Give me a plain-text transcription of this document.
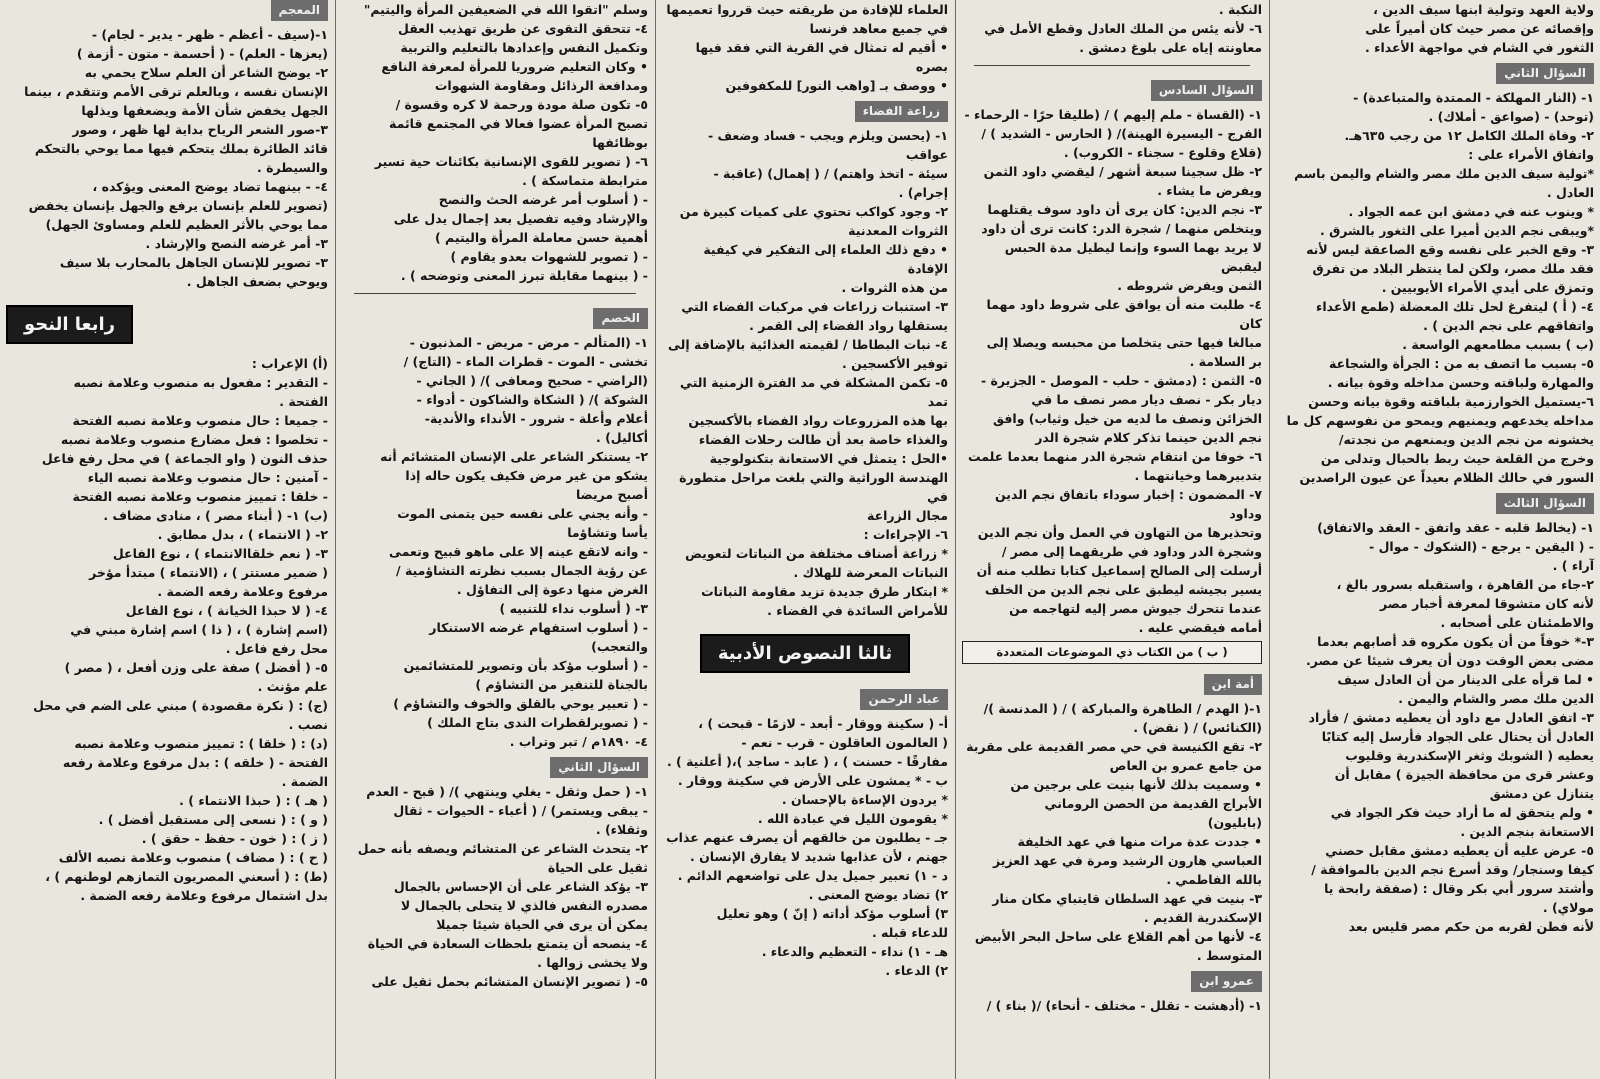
ولاية العهد وتولية ابنها سيف الدين ،

وإقصائه عن مصر حيث كان أميراً على

الثغور في الشام في مواجهة الأعداء .

السؤال الثاني

١- (النار المهلكة - الممتدة والمتباعدة) -

(توحد) - (صواعق - أملاك) .

٢- وفاة الملك الكامل ١٢ من رجب ٦٣٥هـ.

واتفاق الأمراء على :

*تولية سيف الدين ملك مصر والشام واليمن باسم

العادل .

* وينوب عنه في دمشق ابن عمه الجواد .

*ويبقى نجم الدين أميرا على الثغور بالشرق .

٣- وقع الخبر على نفسه وقع الصاعقة ليس لأنه

فقد ملك مصر، ولكن لما ينتظر البلاد من تفرق

وتمزق على أيدي الأمراء الأيوبيين .

٤- ( أ ) ليتفرغ لحل تلك المعضلة (طمع الأعداء

واتفاقهم على نجم الدين ) .

(ب ) بسبب مطامعهم الواسعة .

٥- بسبب ما اتصف به من : الجرأة والشجاعة

والمهارة ولباقته وحسن مداخله وقوة بيانه .

٦-يستميل الخوارزمية بلباقته وقوة بيانه وحسن

مداخله يخدعهم ويمنيهم ويمحو من نفوسهم كل ما

يخشونه من نجم الدين ويمنعهم من نجدته/

وخرج من القلعة حيث ربط بالحبال وتدلى من

السور في حالك الظلام بعيداً عن عيون الراصدين

السؤال الثالث

١- (يخالط قلبه - عقد واتفق - العقد والاتفاق)

- ( اليقين - يرجع - (الشكوك - موال -

آراء ) .

٢-جاء من القاهرة ، واستقبله بسرور بالغ ،

لأنه كان متشوقا لمعرفة أخبار مصر

والاطمئنان على أصحابه .

٣-* خوفاً من أن يكون مكروه قد أصابهم بعدما

مضى بعض الوقت دون أن يعرف شيئا عن مصر.

• لما قرأه على الدينار من أن العادل سيف

الدين ملك مصر والشام واليمن .

٣- اتفق العادل مع داود أن يعطيه دمشق / فأراد

العادل أن يحتال على الجواد فأرسل إليه كتابًا

يعطيه ( الشوبك وثغر الإسكندرية وقليوب

وعشر قرى من محافظة الجيزة ) مقابل أن

يتنازل عن دمشق

• ولم يتحقق له ما أراد حيث فكر الجواد في

الاستعانة بنجم الدين .

٥- عرض عليه أن يعطيه دمشق مقابل حصني

كيفا وسنجار/ وقد أسرع نجم الدين بالموافقة /

وأشتد سرور أبي بكر وقال : (صفقة رابحة يا

مولاي) .

لأنه فطن لقربه من حكم مصر قليس بعد

النكبة .

٦- لأنه يئس من الملك العادل وقطع الأمل في

معاونته إياه على بلوغ دمشق .

السؤال السادس

١- (القساة - ملم إليهم ) / (طليقا حرًا - الرحماء -

الفرج - اليسيرة الهينة)/ ( الحارس - الشديد ) /

(قلاع وقلوع - سجناء - الكروب) .

٢- ظل سجينا سبعة أشهر / ليقضي داود الثمن

ويفرض ما يشاء .

٣- نجم الدين: كان يرى أن داود سوف يقتلهما

ويتخلص منهما / شجرة الدر: كانت ترى أن داود

لا يريد بهما السوء وإنما ليطيل مدة الحبس ليقبض

الثمن ويفرض شروطه .

٤- طلبت منه أن يوافق على شروط داود مهما كان

مبالغا فيها حتى يتخلصا من محبسه ويصلا إلى

بر السلامة .

٥- الثمن : (دمشق - حلب - الموصل - الجزيرة -

ديار بكر - نصف ديار مصر نصف ما في

الخزائن ونصف ما لديه من خيل وثياب) وافق

نجم الدين حينما تذكر كلام شجرة الدر

٦- خوفا من انتقام شجرة الدر منهما بعدما علمت

بتدبيرهما وخيانتهما .

٧- المضمون : إخبار سوداء باتفاق نجم الدين وداود

وتحذيرها من التهاون في العمل وأن نجم الدين

وشجرة الدر وداود في طريقهما إلى مصر /

أرسلت إلى الصالح إسماعيل كتابا تطلب منه أن

يسير بجيشه ليطبق على نجم الدين من الخلف

عندما تتحرك جيوش مصر إليه لتهاجمه من

أمامه فيقضي عليه .

( ب ) من الكتاب ذي الموضوعات المتعددة
أمة ابن

١-( الهدم / الطاهرة والمباركة ) / ( المدنسة )/

(الكنائس) / ( نقض) .

٢- تقع الكنيسة في حي مصر القديمة على مقربة

من جامع عمرو بن العاص

• وسميت بذلك لأنها بنيت على برجين من

الأبراج القديمة من الحصن الروماني

(بابليون)

• جددت عدة مرات منها في عهد الخليفة

العباسي هارون الرشيد ومرة في عهد العزيز

بالله الفاطمي .

٣- بنيت في عهد السلطان قايتباي مكان منار

الإسكندرية القديم .

٤- لأنها من أهم القلاع على ساحل البحر الأبيض

المتوسط .

عمرو ابن

١- (أدهشت - تقلل - مختلف - أنحاء) /( بناء ) /

العلماء للإفادة من طريقته حيث قرروا تعميمها

في جميع معاهد فرنسا

• أقيم له تمثال في القرية التي فقد فيها بصره

• ووصف بـ [واهب النور] للمكفوفين

زراعة الفضاء

١- (يحسن ويلزم ويجب - فساد وضعف - عواقب

سيئة - اتخذ واهتم) / ( إهمال) (عاقبة -

إجرام) .

٢- وجود كواكب تحتوي على كميات كبيرة من

الثروات المعدنية

• دفع ذلك العلماء إلى التفكير في كيفية الإفادة

من هذه الثروات .

٣- استنبات زراعات في مركبات الفضاء التي

يستقلها رواد الفضاء إلى القمر .

٤- نبات البطاطا / لقيمته الغذائية بالإضافة إلى

توفير الأكسجين .

٥- تكمن المشكلة في مد الفترة الزمنية التي تمد

بها هذه المزروعات رواد الفضاء بالأكسجين

والغذاء خاصة بعد أن طالت رحلات الفضاء

•الحل : يتمثل في الاستعانة بتكنولوجية

الهندسة الوراثية والتي بلغت مراحل متطورة في

مجال الزراعة

٦- الإجراءات :

* زراعة أصناف مختلفة من النباتات لتعويض

النباتات المعرضة للهلاك .

* ابتكار طرق جديدة تزيد مقاومة النباتات

للأمراض السائدة في الفضاء .

ثالثا النصوص الأدبية
عباد الرحمن

أ- ( سكينة ووقار - أبعد - لازمًا - قبحت ) ،

( العالمون العاقلون - قرب - نعم -

مفارقًا - حسنت ) ، ( عابد - ساجد )،( أعلنية ) .

ب - * يمشون على الأرض في سكينة ووقار .

* يردون الإساءة بالإحسان .

* يقومون الليل في عبادة الله .

جـ - يطلبون من خالقهم أن يصرف عنهم عذاب

جهنم ، لأن عذابها شديد لا يفارق الإنسان .

د - ١) تعبير جميل يدل على تواضعهم الدائم .

٢) تضاد يوضح المعنى .

٣) أسلوب مؤكد أداته ( إنّ ) وهو تعليل

للدعاء قبله .

هـ - ١) نداء - التعظيم والدعاء .

٢) الدعاء .

وسلم "اتقوا الله في الضعيفين المرأة واليتيم"

٤- تتحقق التقوى عن طريق تهذيب العقل

وتكميل النفس وإعدادها بالتعليم والتربية

• وكان التعليم ضروريا للمرأة لمعرفة النافع

ومدافعة الرذائل ومقاومة الشهوات

٥- تكون صلة مودة ورحمة لا كره وقسوة /

تصبح المرأة عضوا فعالا في المجتمع قائمة

بوظائفها

٦- ( تصوير للقوى الإنسانية بكائنات حية تسير

مترابطة متماسكة ) .

- ( أسلوب أمر غرضه الحث والنصح

والإرشاد وفيه تفصيل بعد إجمال يدل على

أهمية حسن معاملة المرأة واليتيم )

- ( تصوير للشهوات بعدو يقاوم )

- ( بينهما مقابلة تبرز المعنى وتوضحه ) .

الخصم

١- (المتألم - مرض - مريض - المذنبون -

تخشى - الموت - قطرات الماء - (التاج) /

(الراضي - صحيح ومعافى )/ ( الجاني -

الشوكة )/ ( الشكاة والشاكون - أدواء -

أعلام وأعلة - شرور - الأنداء والأندية-

أكاليل) .

٢- يستنكر الشاعر على الإنسان المتشائم أنه

يشكو من غير مرض فكيف يكون حاله إذا

أصبح مريضا

- وأنه يجني على نفسه حين يتمنى الموت

يأسا وتشاؤما

- وانه لاتقع عينه إلا على ماهو قبيح وتعمى

عن رؤية الجمال بسبب نظرته التشاؤمية /

الغرض منها دعوة إلى التفاؤل .

٣- ( أسلوب نداء للتنبيه )

- ( أسلوب استفهام غرضه الاستنكار

والتعجب)

- ( أسلوب مؤكد بأن وتصوير للمتشائمين

بالجناة للتنفير من التشاؤم )

- ( تعبير يوحي بالقلق والخوف والتشاؤم )

- ( تصويرلقطرات الندى بتاج الملك )

٤- ١٨٩٠م / تبر وتراب .

السؤال الثاني

١- ( حمل وثقل - يغلي وينتهي )/ ( قبح - العدم

- يبقى ويستمر) / ( أعباء - الحيوات - ثقال

وثقلاء) .

٢- يتحدث الشاعر عن المتشائم ويصفه بأنه حمل

ثقيل على الحياة

٣- يؤكد الشاعر على أن الإحساس بالجمال

مصدره النفس فالذي لا يتحلى بالجمال لا

يمكن أن يرى في الحياة شيئا جميلا

٤- ينصحه أن يتمتع بلحظات السعادة في الحياة

ولا يخشى زوالها .

٥- ( تصوير الإنسان المتشائم بحمل ثقيل على

المعجم

١-(سيف - أعظم - ظهر - يدير - لجام) -

(يعزها - العلم) - ( أحسمة - متون - أزمة )

٢- يوضح الشاعر أن العلم سلاح يحمي به

الإنسان نفسه ، وبالعلم ترقى الأمم وتتقدم ، بينما

الجهل يخفض شأن الأمة ويضعفها ويذلها

٣-صور الشعر الرياح بداية لها ظهر ، وصور

قائد الطائرة بملك يتحكم فيها مما يوحي بالتحكم

والسيطرة .

٤- - بينهما تضاد يوضح المعنى ويؤكده ،

(تصوير للعلم بإنسان يرفع والجهل بإنسان يخفض

مما يوحي بالأثر العظيم للعلم ومساوئ الجهل)

٣- أمر غرضه النصح والإرشاد .

٣- تصوير للإنسان الجاهل بالمحارب بلا سيف

ويوحي بضعف الجاهل .

رابعا النحو

(أ) الإعراب :

- التقدير : مفعول به منصوب وعلامة نصبه

الفتحة .

- جميعا : حال منصوب وعلامة نصبه الفتحة

- تخلصوا : فعل مضارع منصوب وعلامة نصبه

حذف النون ( واو الجماعة ) في محل رفع فاعل

- آمنين : حال منصوب وعلامة نصبه الياء

- خلقا : تمييز منصوب وعلامة نصبه الفتحة

(ب) ١- ( أبناء مصر ) ، منادى مضاف .

٢- ( الانتماء ) ، بدل مطابق .

٣- ( نعم خلقاالانتماء ) ، نوع الفاعل

( ضمير مستتر ) ، (الانتماء ) مبتدأ مؤخر

مرفوع وعلامة رفعه الضمة .

٤- ( لا حبذا الخيانة ) ، نوع الفاعل

(اسم إشارة ) ، ( ذا ) اسم إشارة مبني في

محل رفع فاعل .

٥- ( أفضل ) صفة على وزن أفعل ، ( مصر )

علم مؤنث .

(ج) : ( نكرة مقصودة ) مبني على الضم في محل

نصب .

(د) : ( خلقا ) : تمييز منصوب وعلامة نصبه

الفتحة - ( خلقه ) : بدل مرفوع وعلامة رفعه

الضمة .

( هـ ) : ( حبذا الانتماء ) .

( و ) : ( نسعى إلى مستقبل أفضل ) .

( ز ) : ( خون - حفظ - حقق ) .

( ح ) : ( مضاف ) منصوب وعلامة نصبه الألف

(ط) : ( أسعني المصريون التمازهم لوطنهم ) ،

بدل اشتمال مرفوع وعلامة رفعه الضمة .
